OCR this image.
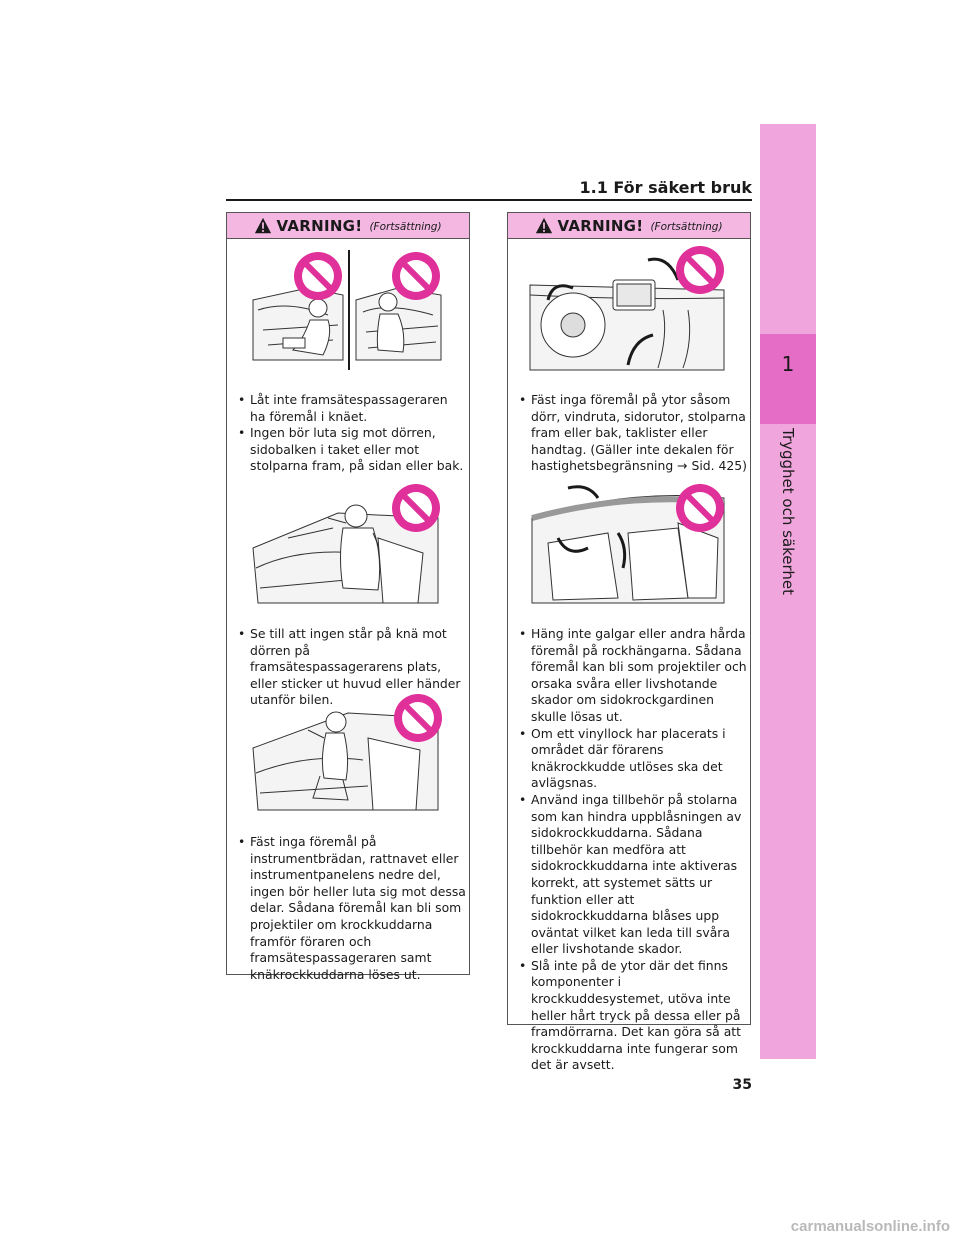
1
Trygghet och säkerhet
1.1 För säkert bruk
VARNING! (Fortsättning)
• Låt inte framsätespassageraren ha föremål i knäet.
• Ingen bör luta sig mot dörren, sidobalken i taket eller mot stolparna fram, på sidan eller bak.
• Se till att ingen står på knä mot dörren på framsätespassagerarens plats, eller sticker ut huvud eller händer utanför bilen.
• Fäst inga föremål på instrumentbrädan, rattnavet eller instrumentpanelens nedre del, ingen bör heller luta sig mot dessa delar. Sådana föremål kan bli som projektiler om krockkuddarna framför föraren och framsätespassageraren samt knäkrockkuddarna löses ut.
VARNING! (Fortsättning)
• Fäst inga föremål på ytor såsom dörr, vindruta, sidorutor, stolparna fram eller bak, taklister eller handtag. (Gäller inte dekalen för hastighetsbegränsning → Sid. 425)
• Häng inte galgar eller andra hårda föremål på rockhängarna. Sådana föremål kan bli som projektiler och orsaka svåra eller livshotande skador om sidokrockgardinen skulle lösas ut.
• Om ett vinyllock har placerats i området där förarens knäkrockkudde utlöses ska det avlägsnas.
• Använd inga tillbehör på stolarna som kan hindra uppblåsningen av sidokrockkuddarna. Sådana tillbehör kan medföra att sidokrockkuddarna inte aktiveras korrekt, att systemet sätts ur funktion eller att sidokrockkuddarna blåses upp oväntat vilket kan leda till svåra eller livshotande skador.
• Slå inte på de ytor där det finns komponenter i krockkuddesystemet, utöva inte heller hårt tryck på dessa eller på framdörrarna. Det kan göra så att krockkuddarna inte fungerar som det är avsett.
35
carmanualsonline.info
